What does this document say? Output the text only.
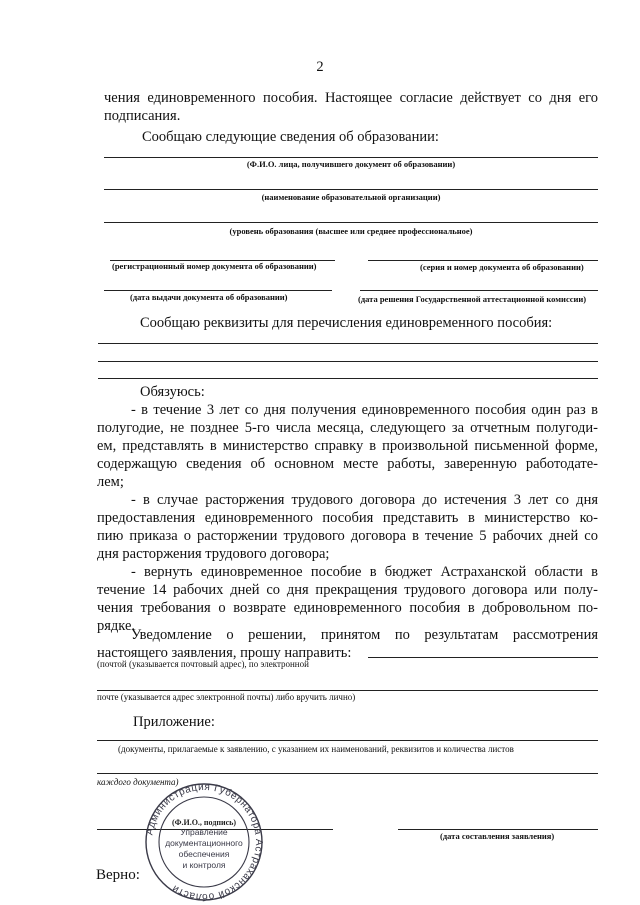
2
чения единовременного пособия. Настоящее согласие действует со дня его
подписания.
Сообщаю следующие сведения об образовании:
(Ф.И.О. лица, получившего документ об образовании)
(наименование образовательной организации)
(уровень образования (высшее или среднее профессиональное)
(регистрационный номер документа об образовании)	(серия и номер документа об образовании)
(дата выдачи документа об образовании)	(дата решения Государственной аттестационной комиссии)
Сообщаю реквизиты для перечисления единовременного пособия:
Обязуюсь:
- в течение 3 лет со дня получения единовременного пособия один раз в
полугодие, не позднее 5-го числа месяца, следующего за отчетным полугоди-
ем, представлять в министерство справку в произвольной письменной форме,
содержащую сведения об основном месте работы, заверенную работодате-
лем;
- в случае расторжения трудового договора до истечения 3 лет со дня
предоставления единовременного пособия представить в министерство ко-
пию приказа о расторжении трудового договора в течение 5 рабочих дней со
дня расторжения трудового договора;
- вернуть единовременное пособие в бюджет Астраханской области в
течение 14 рабочих дней со дня прекращения трудового договора или полу-
чения требования о возврате единовременного пособия в добровольном по-
рядке.
Уведомление о решении, принятом по результатам рассмотрения
настоящего заявления, прошу направить:
(почтой (указывается почтовый адрес), по электронной
почте (указывается адрес электронной почты) либо вручить лично)
Приложение:
(документы, прилагаемые к заявлению, с указанием их наименований, реквизитов и количества листов
каждого документа)
(дата составления заявления)
Верно:
Администрация Губернатора Астраханской области
(Ф.И.О., подпись)
Управление
документационного
обеспечения
и контроля
